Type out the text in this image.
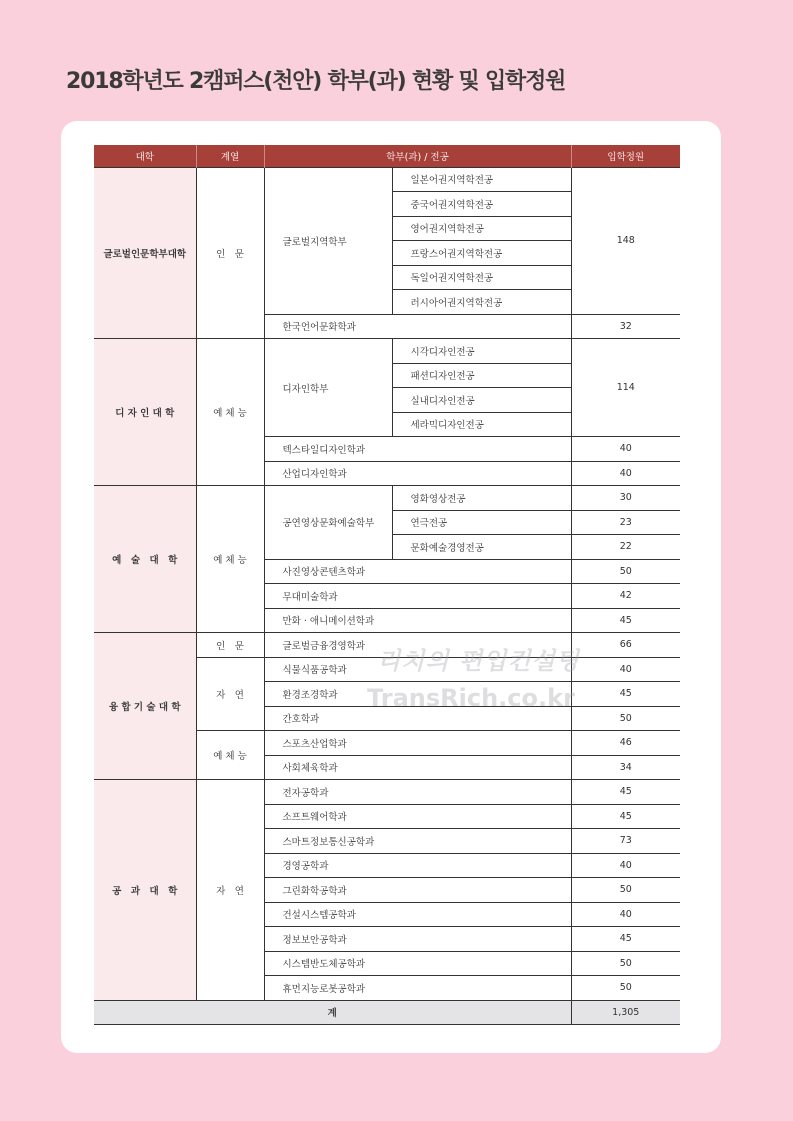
2018학년도 2캠퍼스(천안) 학부(과) 현황 및 입학정원
대학	계열	학부(과) / 전공		입학정원
글로벌인문학부대학	인　문	글로벌지역학부	일본어권지역학전공	148
			중국어권지역학전공	
			영어권지역학전공	
			프랑스어권지역학전공	
			독일어권지역학전공	
			러시아어권지역학전공	
		한국언어문화학과		32
디 자 인 대 학	예 체 능	디자인학부	시각디자인전공	114
			패션디자인전공	
			실내디자인전공	
			세라믹디자인전공	
		텍스타일디자인학과		40
		산업디자인학과		40
예　술　대　학	예 체 능	공연영상문화예술학부	영화영상전공	30
			연극전공	23
			문화예술경영전공	22
		사진영상콘텐츠학과		50
		무대미술학과		42
		만화 · 애니메이션학과		45
융 합 기 술 대 학	인　문	글로벌금융경영학과		66
	자　연	식물식품공학과		40
		환경조경학과		45
		간호학과		50
	예 체 능	스포츠산업학과		46
		사회체육학과		34
공　과　대　학	자　연	전자공학과		45
		소프트웨어학과		45
		스마트정보통신공학과		73
		경영공학과		40
		그린화학공학과		50
		건설시스템공학과		40
		정보보안공학과		45
		시스템반도체공학과		50
		휴먼지능로봇공학과		50
계				1,305
리치의 편입컨설팅
TransRich.co.kr
